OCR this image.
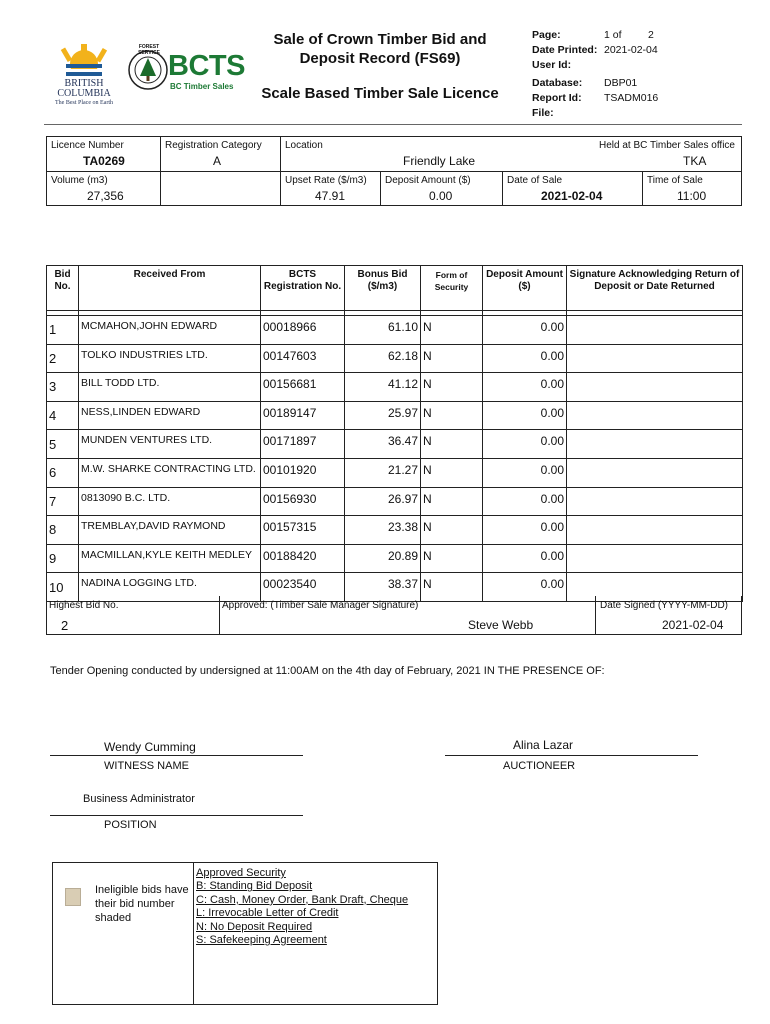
BRITISH
COLUMBIA
The Best Place on Earth
FOREST SERVICE BCTS
BC Timber Sales
Sale of Crown Timber Bid and
Deposit Record (FS69)
Scale Based Timber Sale Licence
Page:	1 of	2
Date Printed: 2021-02-04
User Id:
Database:	DBP01
Report Id:	TSADM016
File:
Licence Number
TA0269
Registration Category
A
Location
Friendly Lake
Held at BC Timber Sales office
TKA
Volume (m3)
27,356
Upset Rate ($/m3)
47.91
Deposit Amount ($)
0.00
Date of Sale
2021-02-04
Time of Sale
11:00
Bid No.	Received From	BCTS Registration No.	Bonus Bid ($/m3)	Form of Security	Deposit Amount ($)	Signature Acknowledging Return of Deposit or Date Returned

1	MCMAHON,JOHN EDWARD	00018966	61.10	N	0.00	
2	TOLKO INDUSTRIES LTD.	00147603	62.18	N	0.00	
3	BILL TODD LTD.	00156681	41.12	N	0.00	
4	NESS,LINDEN EDWARD	00189147	25.97	N	0.00	
5	MUNDEN VENTURES LTD.	00171897	36.47	N	0.00	
6	M.W. SHARKE CONTRACTING LTD.	00101920	21.27	N	0.00	
7	0813090 B.C. LTD.	00156930	26.97	N	0.00	
8	TREMBLAY,DAVID RAYMOND	00157315	23.38	N	0.00	
9	MACMILLAN,KYLE KEITH MEDLEY	00188420	20.89	N	0.00	
10	NADINA LOGGING LTD.	00023540	38.37	N	0.00	
Highest Bid No.
2
Approved: (Timber Sale Manager Signature)
Steve Webb
Date Signed (YYYY-MM-DD)
2021-02-04
Tender Opening conducted by undersigned at 11:00AM on the 4th day of February, 2021 IN THE PRESENCE OF:
Wendy Cumming
WITNESS NAME
Alina Lazar
AUCTIONEER
Business Administrator
POSITION
Ineligible bids have their bid number shaded
Approved Security
B: Standing Bid Deposit
C: Cash, Money Order, Bank Draft, Cheque
L: Irrevocable Letter of Credit
N: No Deposit Required
S: Safekeeping Agreement
